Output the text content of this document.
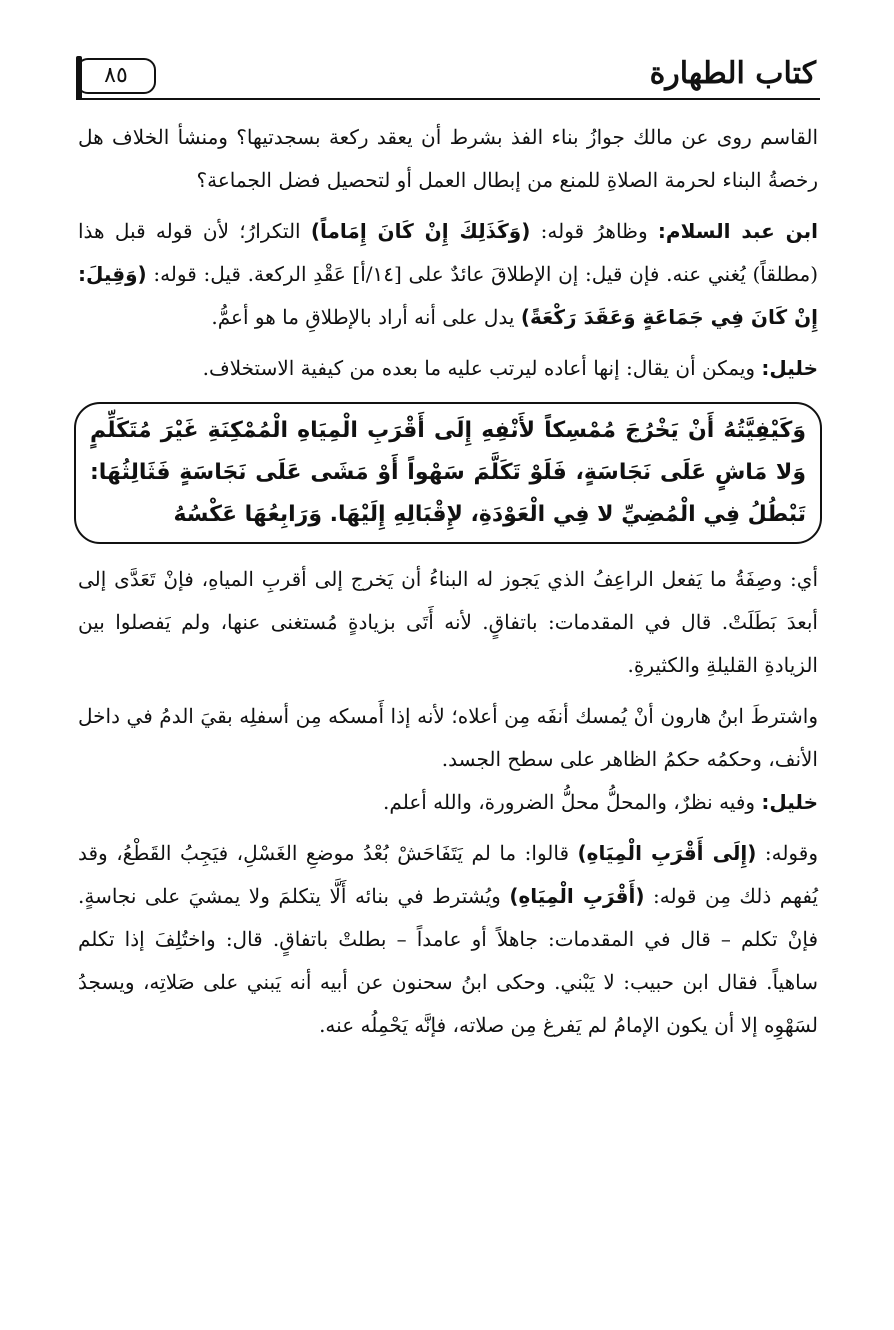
كتاب الطهارة
٨٥

القاسم روى عن مالك جوازُ بناء الفذ بشرط أن يعقد ركعة بسجدتيها؟ ومنشأ الخلاف هل رخصةُ البناء لحرمة الصلاةِ للمنع من إبطال العمل أو لتحصيل فضل الجماعة؟

ابن عبد السلام: وظاهرُ قوله: (وَكَذَلِكَ إِنْ كَانَ إِمَاماً) التكرارُ؛ لأن قوله قبل هذا (مطلقاً) يُغني عنه. فإن قيل: إن الإطلاقَ عائدٌ على [١٤/أ] عَقْدِ الركعة. قيل: قوله: (وَقِيلَ: إِنْ كَانَ فِي جَمَاعَةٍ وَعَقَدَ رَكْعَةً) يدل على أنه أراد بالإطلاقِ ما هو أعمُّ.

خليل: ويمكن أن يقال: إنها أعاده ليرتب عليه ما بعده من كيفية الاستخلاف.

وَكَيْفِيَّتُهُ أَنْ يَخْرُجَ مُمْسِكاً لأَنْفِهِ إِلَى أَقْرَبِ الْمِيَاهِ الْمُمْكِنَةِ غَيْرَ مُتَكَلِّمٍ وَلا مَاشٍ عَلَى نَجَاسَةٍ، فَلَوْ تَكَلَّمَ سَهْواً أَوْ مَشَى عَلَى نَجَاسَةٍ فَثَالِثُهَا: تَبْطُلُ فِي الْمُضِيِّ لا فِي الْعَوْدَةِ، لإِقْبَالِهِ إِلَيْهَا. وَرَابِعُهَا عَكْسُهُ

أي: وصِفَةُ ما يَفعل الراعِفُ الذي يَجوز له البناءُ أن يَخرج إلى أقربِ المياهِ، فإنْ تَعَدَّى إلى أبعدَ بَطَلَتْ. قال في المقدمات: باتفاقٍ. لأنه أَتَى بزيادةٍ مُستغنى عنها، ولم يَفصلوا بين الزيادةِ القليلةِ والكثيرةِ.

واشترطَ ابنُ هارون أنْ يُمسك أنفَه مِن أعلاه؛ لأنه إذا أَمسكه مِن أسفلِه بقيَ الدمُ في داخل الأنف، وحكمُه حكمُ الظاهر على سطح الجسد.

خليل: وفيه نظرٌ، والمحلُّ محلُّ الضرورة، والله أعلم.

وقوله: (إِلَى أَقْرَبِ الْمِيَاهِ) قالوا: ما لم يَتَفَاحَشْ بُعْدُ موضعِ الغَسْلِ، فيَجِبُ القَطْعُ، وقد يُفهم ذلك مِن قوله: (أَقْرَبِ الْمِيَاهِ) ويُشترط في بنائه أَلَّا يتكلمَ ولا يمشيَ على نجاسةٍ. فإنْ تكلم – قال في المقدمات: جاهلاً أو عامداً – بطلتْ باتفاقٍ. قال: واختُلِفَ إذا تكلم ساهياً. فقال ابن حبيب: لا يَبْني. وحكى ابنُ سحنون عن أبيه أنه يَبني على صَلاتِه، ويسجدُ لسَهْوِه إلا أن يكون الإمامُ لم يَفرغ مِن صلاته، فإنَّه يَحْمِلُه عنه.
